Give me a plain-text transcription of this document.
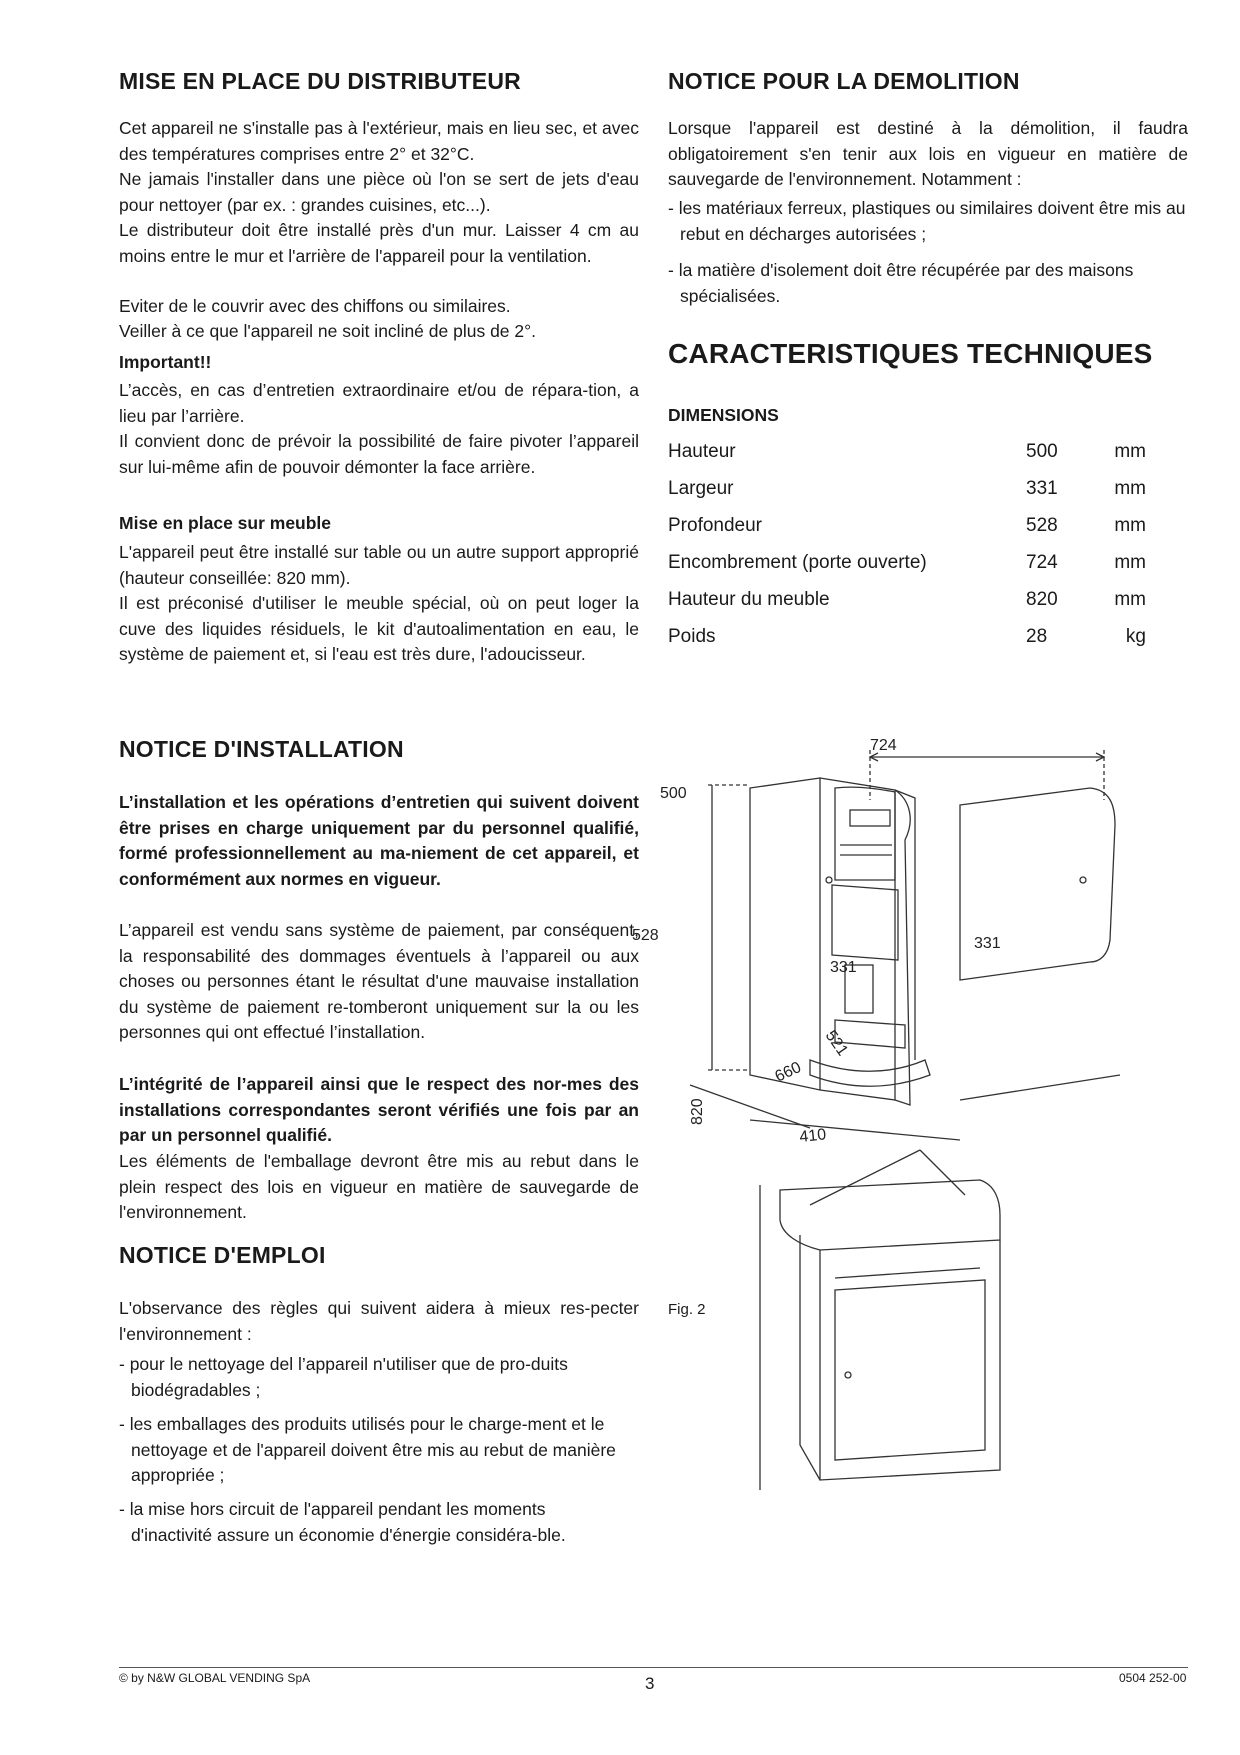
MISE EN PLACE DU DISTRIBUTEUR

Cet appareil ne s'installe pas à l'extérieur, mais en lieu sec, et avec des températures comprises entre 2° et 32°C.

Ne jamais l'installer dans une pièce où l'on se sert de jets d'eau pour nettoyer (par ex. : grandes cuisines, etc...).

Le distributeur doit être installé près d'un mur. Laisser 4 cm au moins entre le mur et l'arrière de l'appareil pour la ventilation.

Eviter de le couvrir avec des chiffons ou similaires.

Veiller à ce que l'appareil ne soit incliné de plus de 2°.

Important!!

L’accès, en cas d’entretien extraordinaire et/ou de répara-tion, a lieu par l’arrière.

Il convient donc de prévoir la possibilité de faire pivoter l’appareil sur lui-même afin de pouvoir démonter la face arrière.

Mise en place sur meuble

L'appareil peut être installé sur table ou un autre support approprié (hauteur conseillée: 820 mm).

Il est préconisé d'utiliser le meuble spécial, où on peut loger la cuve des liquides résiduels, le kit d'autoalimentation en eau, le système de paiement et, si l'eau est très dure, l'adoucisseur.

NOTICE D'INSTALLATION

L’installation et les opérations d’entretien qui suivent doivent être prises en charge uniquement par du personnel qualifié, formé professionnellement au ma-niement de cet appareil, et conformément aux normes en vigueur.

L’appareil est vendu sans système de paiement, par conséquent, la responsabilité des dommages éventuels à l’appareil ou aux choses ou personnes étant le résultat d'une mauvaise installation du système de paiement re-tomberont uniquement sur la ou les personnes qui ont effectué l’installation.

L’intégrité de l’appareil ainsi que le respect des nor-mes des installations correspondantes seront vérifiés une fois par an par un personnel qualifié.

Les éléments de l'emballage devront être mis au rebut dans le plein respect des lois en vigueur en matière de sauvegarde de l'environnement.

NOTICE D'EMPLOI

L'observance des règles qui suivent aidera à mieux res-pecter l'environnement :

- pour le nettoyage del l’appareil n'utiliser que de pro-duits biodégradables ;

- les emballages des produits utilisés pour le charge-ment et le nettoyage et de l'appareil doivent être mis au rebut de manière appropriée ;

- la mise hors circuit de l'appareil pendant les moments d'inactivité assure un économie d'énergie considéra-ble.

NOTICE POUR LA DEMOLITION

Lorsque l'appareil est destiné à la démolition, il faudra obligatoirement s'en tenir aux lois en vigueur en matière de sauvegarde de l'environnement. Notamment :

- les matériaux ferreux, plastiques ou similaires doivent être mis au rebut en décharges autorisées ;

- la matière d'isolement doit être récupérée par des maisons spécialisées.

CARACTERISTIQUES TECHNIQUES

DIMENSIONS

Hauteur	500	mm
Largeur	331	mm
Profondeur	528	mm
Encombrement (porte ouverte)	724	mm
Hauteur du meuble	820	mm
Poids	28	kg
724
500
528
331
331
660
521
820
410

Fig. 2

© by N&W GLOBAL VENDING SpA	3	0504 252-00
